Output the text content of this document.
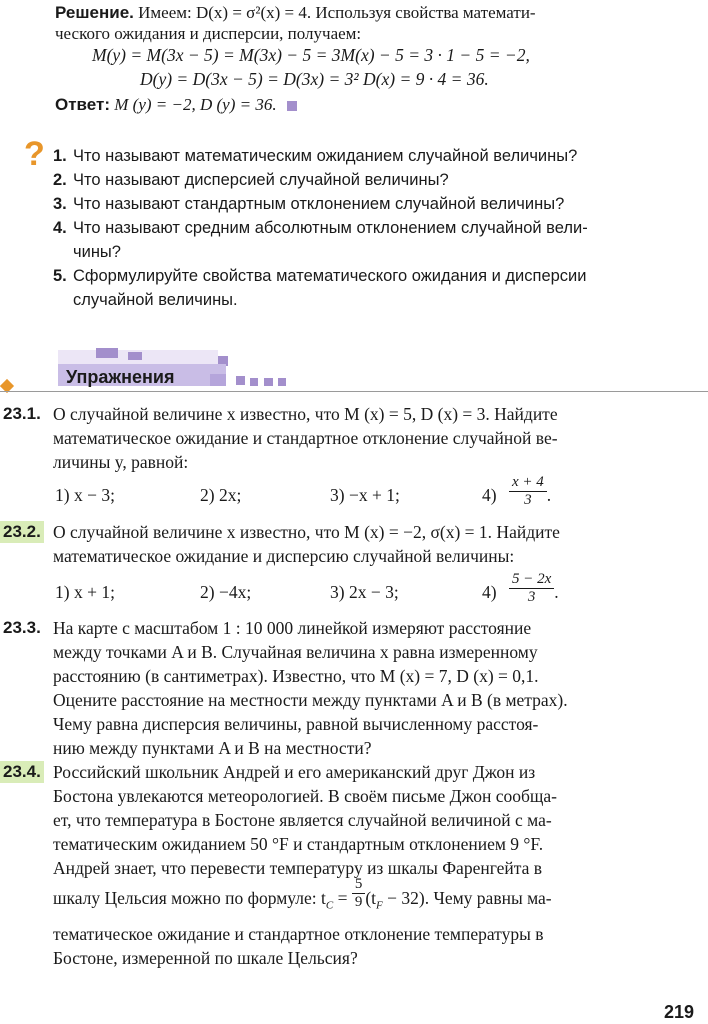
Решение. Имеем: D(x) = σ²(x) = 4. Используя свойства математи-
ческого ожидания и дисперсии, получаем:
M(y) = M(3x − 5) = M(3x) − 5 = 3M(x) − 5 = 3 · 1 − 5 = −2,
D(y) = D(3x − 5) = D(3x) = 3² D(x) = 9 · 4 = 36.
Ответ: M (y) = −2, D (y) = 36.
? 1. Что называют математическим ожиданием случайной величины?
2. Что называют дисперсией случайной величины?
3. Что называют стандартным отклонением случайной величины?
4. Что называют средним абсолютным отклонением случайной вели-
чины?
5. Сформулируйте свойства математического ожидания и дисперсии
случайной величины.
Упражнения
23.1. О случайной величине x известно, что M (x) = 5, D (x) = 3. Найдите
математическое ожидание и стандартное отклонение случайной ве-
личины y, равной:
1) x − 3;	2) 2x;	3) −x + 1;	$4) \frac{x + 4}{3}$ .
23.2. О случайной величине x известно, что M (x) = −2, σ(x) = 1. Найдите
математическое ожидание и дисперсию случайной величины:
1) x + 1;	2) −4x;	3) 2x − 3;	$4) \frac{5 - 2x}{3}$ .
23.3. На карте с масштабом 1 : 10 000 линейкой измеряют расстояние
между точками A и B. Случайная величина x равна измеренному
расстоянию (в сантиметрах). Известно, что M (x) = 7, D (x) = 0,1.
Оцените расстояние на местности между пунктами A и B (в метрах).
Чему равна дисперсия величины, равной вычисленному расстоя-
нию между пунктами A и B на местности?
23.4. Российский школьник Андрей и его американский друг Джон из
Бостона увлекаются метеорологией. В своём письме Джон сообща-
ет, что температура в Бостоне является случайной величиной с ма-
тематическим ожиданием 50 °F и стандартным отклонением 9 °F.
Андрей знает, что перевести температуру из шкалы Фаренгейта в
шкалу Цельсия можно по формуле: $t_C = \frac{5}{9} (t_F - 32)$. Чему равны ма-
тематическое ожидание и стандартное отклонение температуры в
Бостоне, измеренной по шкале Цельсия?
219
